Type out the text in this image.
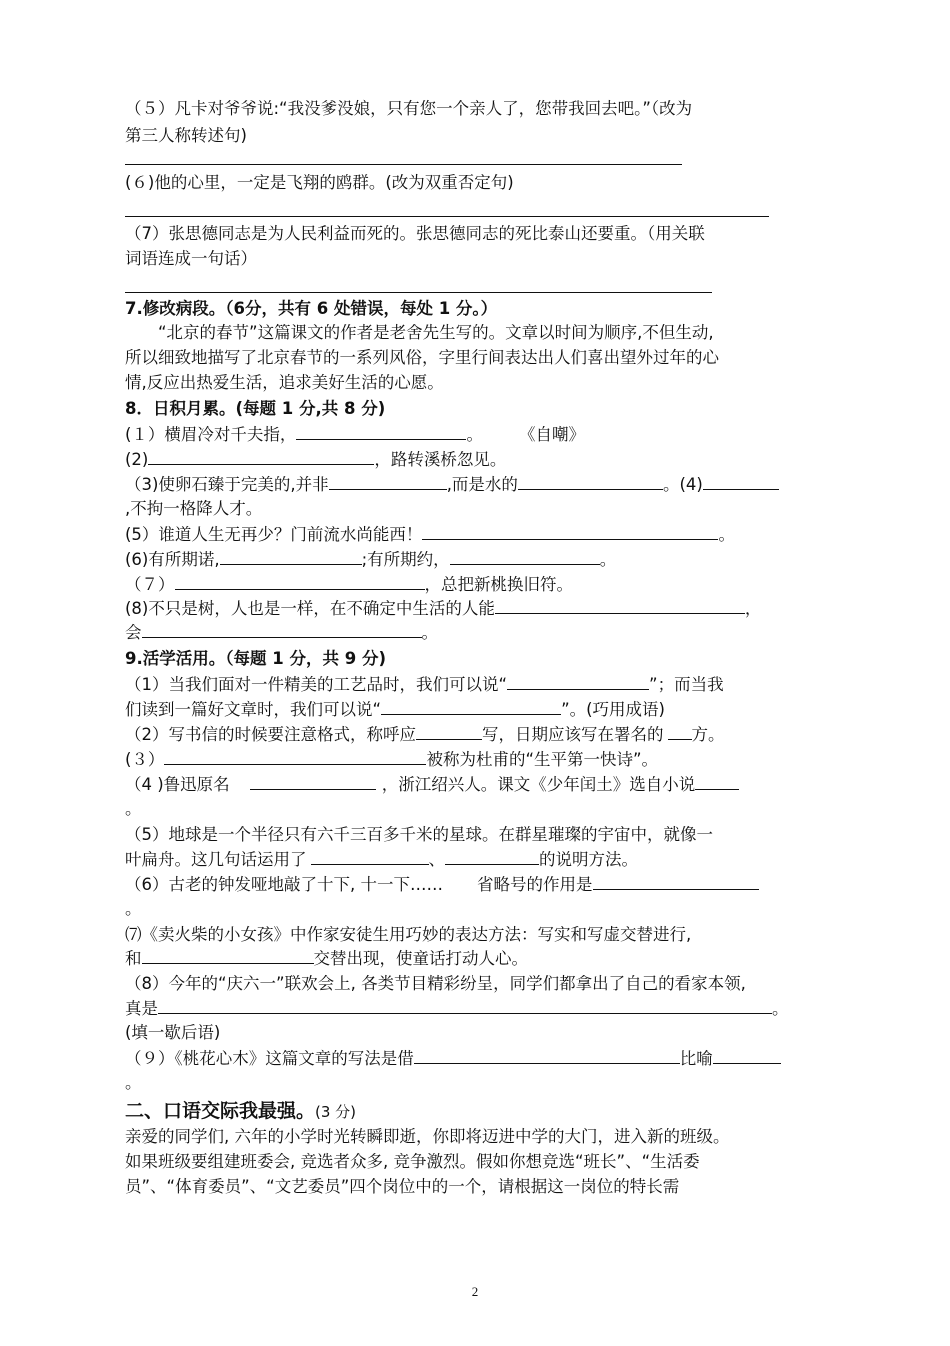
（５）凡卡对爷爷说:“我没爹没娘，只有您一个亲人了，您带我回去吧。”（改为
第三人称转述句)
(６)他的心里，一定是飞翔的鸥群。(改为双重否定句)
（7）张思德同志是为人民利益而死的。张思德同志的死比泰山还要重。（用关联
词语连成一句话）
7.修改病段。（6分，共有 6 处错误，每处 1 分。）
“北京的春节”这篇课文的作者是老舍先生写的。文章以时间为顺序,不但生动,
所以细致地描写了北京春节的一系列风俗，字里行间表达出人们喜出望外过年的心
情,反应出热爱生活，追求美好生活的心愿。
8．日积月累。(每题 1 分,共 8 分)
(１）横眉冷对千夫指，	。 《自嘲》
(2)	，路转溪桥忽见。
（3)使卵石臻于完美的,并非	,而是水的	。(4)
,不拘一格降人才。
(5）谁道人生无再少？门前流水尚能西！	。
(6)有所期诺,	;有所期约，	。
（７）	，总把新桃换旧符。
(8)不只是树，人也是一样，在不确定中生活的人能	，
会	。
9.活学活用。（每题 1 分，共 9 分)
（1）当我们面对一件精美的工艺品时，我们可以说“	”；而当我
们读到一篇好文章时，我们可以说“	”。(巧用成语)
（2）写书信的时候要注意格式，称呼应	写，日期应该写在署名的 方。
(３）	被称为杜甫的“生平第一快诗”。
（4 )鲁迅原名	，浙江绍兴人。课文《少年闰土》选自小说
。
（5）地球是一个半径只有六千三百多千米的星球。在群星璀璨的宇宙中，就像一
叶扁舟。这几句话运用了	、	的说明方法。
（6）古老的钟发哑地敲了十下, 十一下…… 省略号的作用是
。
⑺《卖火柴的小女孩》中作家安徒生用巧妙的表达方法：写实和写虚交替进行,
和	交替出现，使童话打动人心。
（8）今年的“庆六一”联欢会上, 各类节目精彩纷呈，同学们都拿出了自己的看家本领,
真是	。
(填一歇后语)
（９）《桃花心木》这篇文章的写法是借	比喻
。
二、口语交际我最强。(3 分)
亲爱的同学们, 六年的小学时光转瞬即逝，你即将迈进中学的大门，进入新的班级。
如果班级要组建班委会, 竞选者众多, 竞争激烈。假如你想竞选“班长”、“生活委
员”、“体育委员”、“文艺委员”四个岗位中的一个，请根据这一岗位的特长需
2
